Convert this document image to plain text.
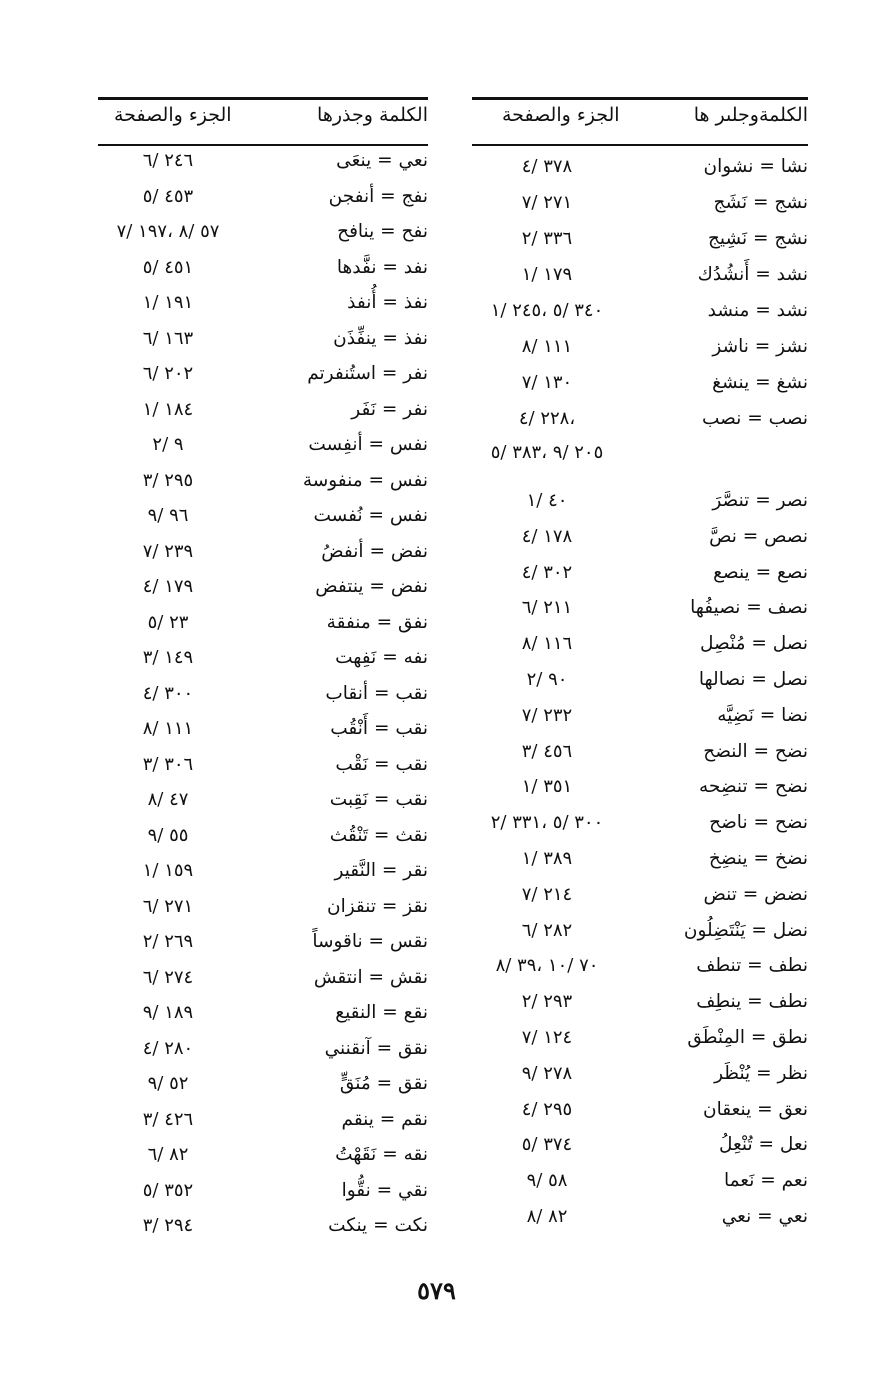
الكلمةوجلىر ها
الجزء والصفحة
نشا = نشوان
٣٧٨ /٤
نشج = نَشَج
٢٧١ /٧
نشج = نَشِيج
٣٣٦ /٢
نشد = أَنشُدُك
١٧٩ /١
نشد = منشد
٣٤٠ /٥ ،٢٤٥ /١
نشز = ناشز
١١١ /٨
نشغ = ينشغ
١٣٠ /٧
نصب = نصب
،٢٢٨ /٤
نصر = تنصَّرَ
٤٠ /١
نصص = نصَّ
١٧٨ /٤
نصع = ينصع
٣٠٢ /٤
نصف = نصيفُها
٢١١ /٦
نصل = مُنْصِل
١١٦ /٨
نصل = نصالها
٩٠ /٢
نضا = نَضِيَّه
٢٣٢ /٧
نضح = النضح
٤٥٦ /٣
نضح = تنضِحه
٣٥١ /١
نضح = ناضح
٣٠٠ /٥ ،٣٣١ /٢
نضخ = ينضِخ
٣٨٩ /١
نضض = تنض
٢١٤ /٧
نضل = يَنْتَضِلُون
٢٨٢ /٦
نطف = تنطف
٧٠ /١٠ ،٣٩ /٨
نطف = ينطِف
٢٩٣ /٢
نطق = المِنْطَق
١٢٤ /٧
نظر = يُنْظَر
٢٧٨ /٩
نعق = ينعقان
٢٩٥ /٤
نعل = تُنْعِلُ
٣٧٤ /٥
نعم = نَعما
٥٨ /٩
نعي = نعي
٨٢ /٨
٢٠٥ /٩ ،٣٨٣ /٥
الكلمة وجذرها
الجزء والصفحة
نعي = ينعَى
٢٤٦ /٦
نفج = أنفجن
٤٥٣ /٥
نفح = ينافح
٥٧ /٨ ،١٩٧ /٧
نفد = نفَّدها
٤٥١ /٥
نفذ = أُنفذ
١٩١ /١
نفذ = ينفِّذَن
١٦٣ /٦
نفر = استُنفرتم
٢٠٢ /٦
نفر = نَفَر
١٨٤ /١
نفس = أنفِست
٩ /٢
نفس = منفوسة
٢٩٥ /٣
نفس = نُفست
٩٦ /٩
نفض = أنفضُ
٢٣٩ /٧
نفض = ينتفض
١٧٩ /٤
نفق = منفقة
٢٣ /٥
نفه = نَفِهت
١٤٩ /٣
نقب = أنقاب
٣٠٠ /٤
نقب = أَنْقُب
١١١ /٨
نقب = نَقْب
٣٠٦ /٣
نقب = نَقِبت
٤٧ /٨
نقث = تَنْقُث
٥٥ /٩
نقر = النَّقير
١٥٩ /١
نقز = تنقزان
٢٧١ /٦
نقس = ناقوساً
٢٦٩ /٢
نقش = انتقش
٢٧٤ /٦
نقع = النقيع
١٨٩ /٩
نقق = آنقنني
٢٨٠ /٤
نقق = مُنَقٍّ
٥٢ /٩
نقم = ينقم
٤٢٦ /٣
نقه = نَقَهْتُ
٨٢ /٦
نقي = نقُّوا
٣٥٢ /٥
نكت = ينكت
٢٩٤ /٣
٥٧٩
